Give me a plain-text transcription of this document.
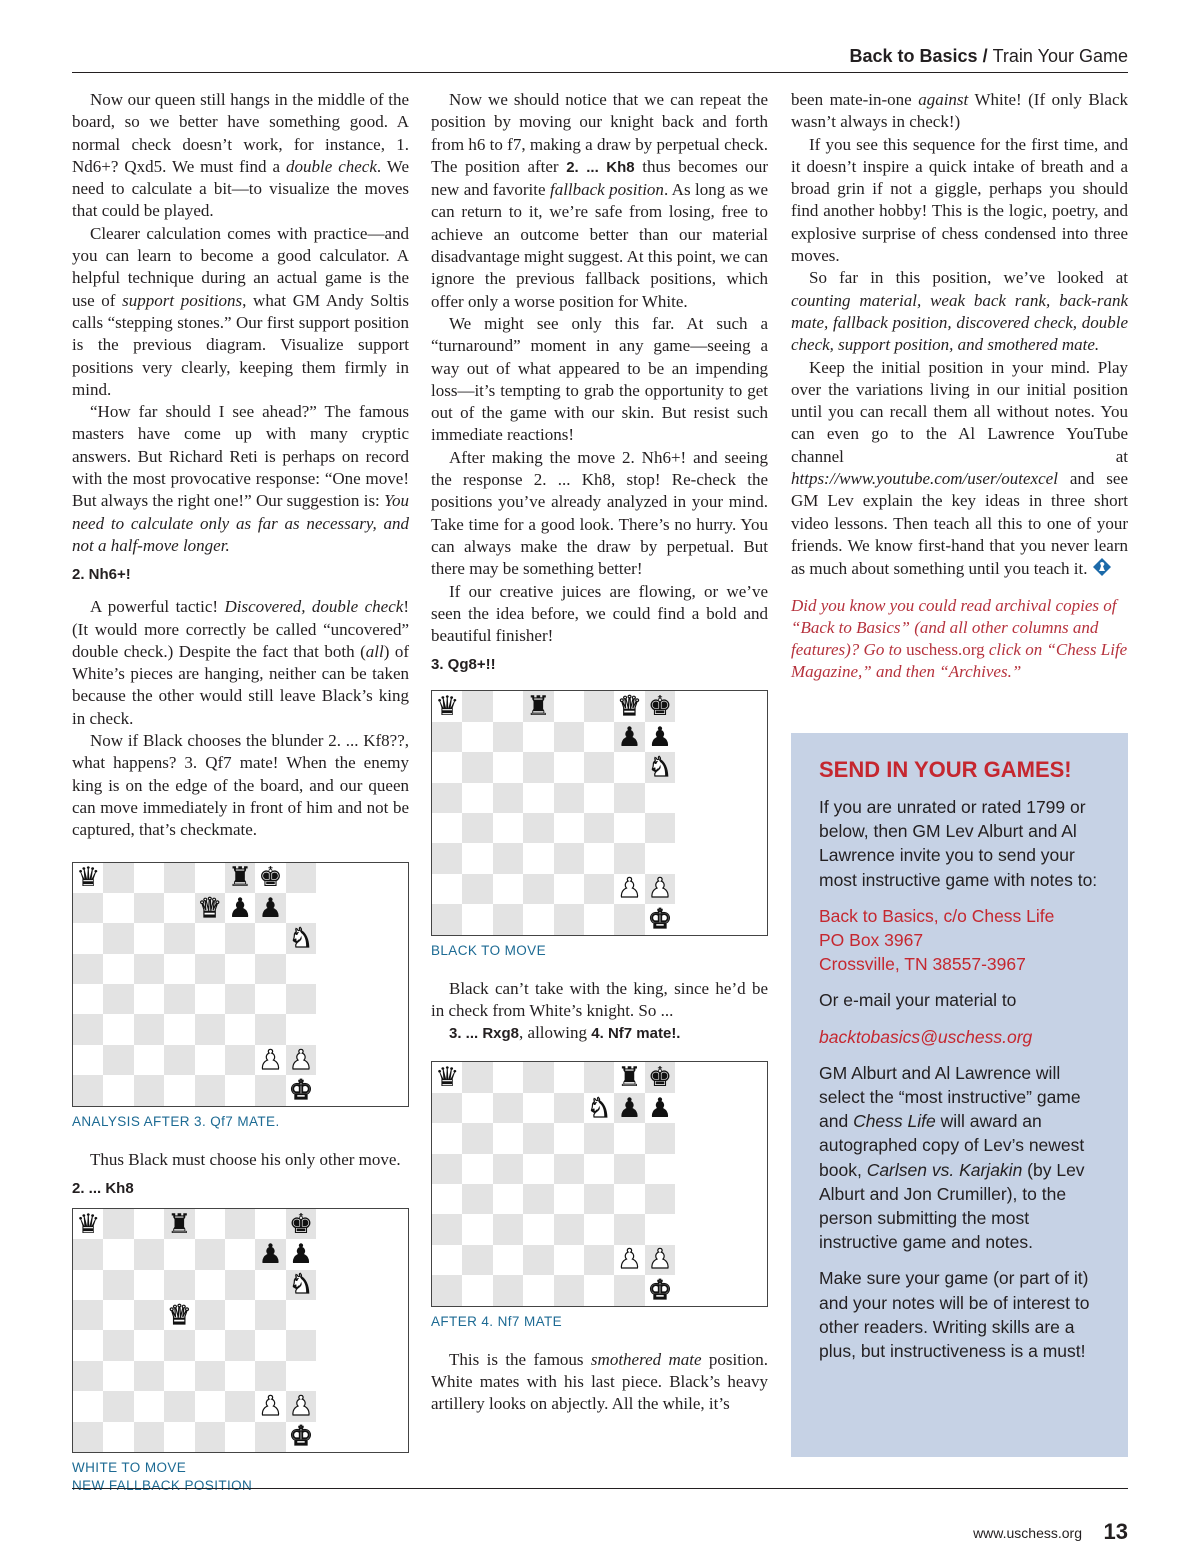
Back to Basics / Train Your Game

Now our queen still hangs in the middle of the board, so we better have something good. A normal check doesn’t work, for instance, 1. Nd6+? Qxd5. We must find a double check. We need to calculate a bit—to visualize the moves that could be played.

Clearer calculation comes with practice—and you can learn to become a good calculator. A helpful technique during an actual game is the use of support positions, what GM Andy Soltis calls “stepping stones.” Our first support position is the previous diagram. Visualize support positions very clearly, keeping them firmly in mind.

“How far should I see ahead?” The famous masters have come up with many cryptic answers. But Richard Reti is perhaps on record with the most provocative response: “One move! But always the right one!” Our suggestion is: You need to calculate only as far as necessary, and not a half-move longer.

2. Nh6+!

A powerful tactic! Discovered, double check! (It would more correctly be called “uncovered” double check.) Despite the fact that both (all) of White’s pieces are hanging, neither can be taken because the other would still leave Black’s king in check.

Now if Black chooses the blunder 2. ... Kf8??, what happens? 3. Qf7 mate! When the enemy king is on the edge of the board, and our queen can move immediately in front of him and not be captured, that’s checkmate.

♛	♜ ♚
♛ ♟ ♟
♞
♟ ♟
♚
ANALYSIS AFTER 3. Qf7 MATE.

Thus Black must choose his only other move.

2. ... Kh8
♛ ♜	♚
♟ ♟
♞
♛
♟ ♟
♚
WHITE TO MOVE
NEW FALLBACK POSITION

Now we should notice that we can repeat the position by moving our knight back and forth from h6 to f7, making a draw by perpetual check. The position after 2. ... Kh8 thus becomes our new and favorite fallback position. As long as we can return to it, we’re safe from losing, free to achieve an outcome better than our material disadvantage might suggest. At this point, we can ignore the previous fallback positions, which offer only a worse position for White.

We might see only this far. At such a “turnaround” moment in any game—seeing a way out of what appeared to be an impending loss—it’s tempting to grab the opportunity to get out of the game with our skin. But resist such immediate reactions!

After making the move 2. Nh6+! and seeing the response 2. ... Kh8, stop! Re-check the positions you’ve already analyzed in your mind. Take time for a good look. There’s no hurry. You can always make the draw by perpetual. But there may be something better!

If our creative juices are flowing, or we’ve seen the idea before, we could find a bold and beautiful finisher!

3. Qg8+!!
♛ ♜ ♛ ♚
♟ ♟
♞
♟ ♟
♚
BLACK TO MOVE

Black can’t take with the king, since he’d be in check from White’s knight. So ...

3. ... Rxg8, allowing 4. Nf7 mate!.

♛	♜ ♚
♞ ♟ ♟
♟ ♟
♚
AFTER 4. Nf7 MATE

This is the famous smothered mate position. White mates with his last piece. Black’s heavy artillery looks on abjectly. All the while, it’s

been mate-in-one against White! (If only Black wasn’t always in check!)

If you see this sequence for the first time, and it doesn’t inspire a quick intake of breath and a broad grin if not a giggle, perhaps you should find another hobby! This is the logic, poetry, and explosive surprise of chess condensed into three moves.

So far in this position, we’ve looked at counting material, weak back rank, back-rank mate, fallback position, discovered check, double check, support position, and smothered mate.

Keep the initial position in your mind. Play over the variations living in our initial position until you can recall them all without notes. You can even go to the Al Lawrence YouTube channel at https://www.youtube.com/user/outexcel and see GM Lev explain the key ideas in three short video lessons. Then teach all this to one of your friends. We know first-hand that you never learn as much about something until you teach it.

Did you know you could read archival copies of “Back to Basics” (and all other columns and features)? Go to uschess.org click on “Chess Life Magazine,” and then “Archives.”

SEND IN YOUR GAMES!
If you are unrated or rated 1799 or below, then GM Lev Alburt and Al Lawrence invite you to send your most instructive game with notes to:
Back to Basics, c/o Chess Life
PO Box 3967
Crossville, TN 38557-3967
Or e-mail your material to
backtobasics@uschess.org
GM Alburt and Al Lawrence will select the “most instructive” game and Chess Life will award an autographed copy of Lev’s newest book, Carlsen vs. Karjakin (by Lev Alburt and Jon Crumiller), to the person submitting the most instructive game and notes.
Make sure your game (or part of it) and your notes will be of interest to other readers. Writing skills are a plus, but instructiveness is a must!
www.uschess.org 13
